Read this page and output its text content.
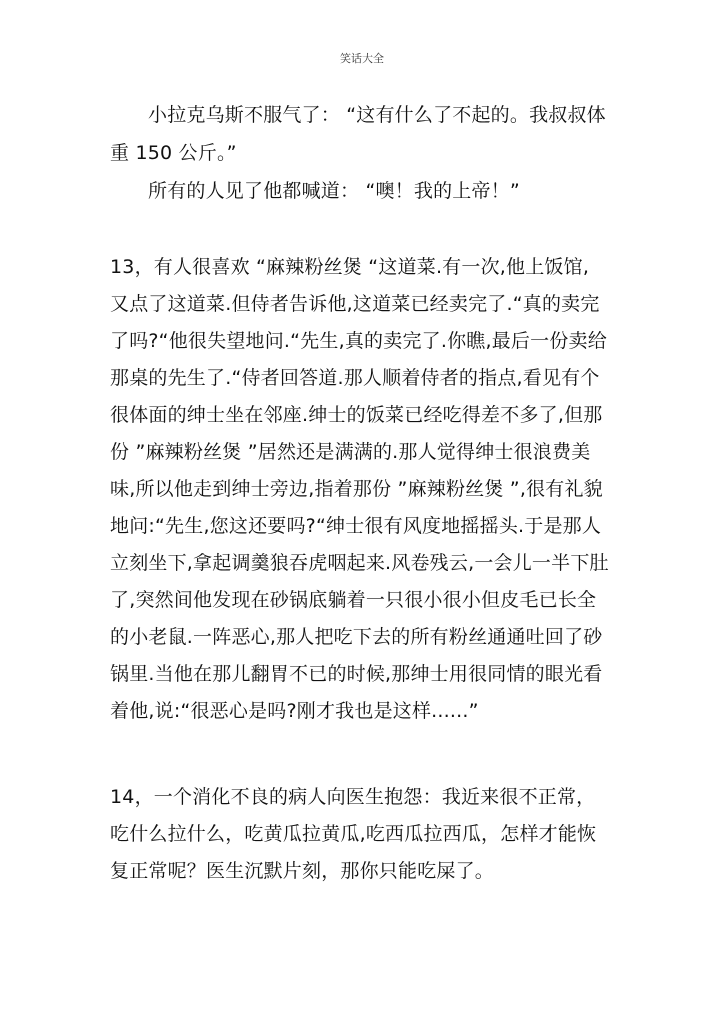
笑话大全
小拉克乌斯不服气了： “这有什么了不起的。我叔叔体
重 150 公斤。”
所有的人见了他都喊道： “噢！我的上帝！”
13，有人很喜欢 “麻辣粉丝煲 “这道菜.有一次,他上饭馆,
又点了这道菜.但侍者告诉他,这道菜已经卖完了.“真的卖完
了吗?“他很失望地问.“先生,真的卖完了.你瞧,最后一份卖给
那桌的先生了.“侍者回答道.那人顺着侍者的指点,看见有个
很体面的绅士坐在邻座.绅士的饭菜已经吃得差不多了,但那
份 ”麻辣粉丝煲 ”居然还是满满的.那人觉得绅士很浪费美
味,所以他走到绅士旁边,指着那份 ”麻辣粉丝煲 ”,很有礼貌
地问:“先生,您这还要吗?“绅士很有风度地摇摇头.于是那人
立刻坐下,拿起调羹狼吞虎咽起来.风卷残云,一会儿一半下肚
了,突然间他发现在砂锅底躺着一只很小很小但皮毛已长全
的小老鼠.一阵恶心,那人把吃下去的所有粉丝通通吐回了砂
锅里.当他在那儿翻胃不已的时候,那绅士用很同情的眼光看
着他,说:“很恶心是吗?刚才我也是这样......”
14，一个消化不良的病人向医生抱怨：我近来很不正常，
吃什么拉什么，吃黄瓜拉黄瓜,吃西瓜拉西瓜，怎样才能恢
复正常呢？医生沉默片刻，那你只能吃屎了。
